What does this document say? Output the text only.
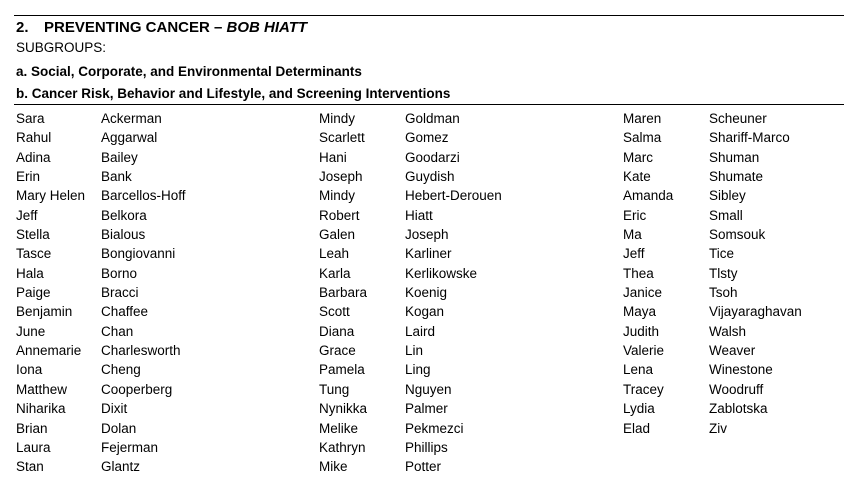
2. PREVENTING CANCER – BOB HIATT
SUBGROUPS:
a. Social, Corporate, and Environmental Determinants
b. Cancer Risk, Behavior and Lifestyle, and Screening Interventions
Sara	Ackerman
Rahul	Aggarwal
Adina	Bailey
Erin	Bank
Mary Helen	Barcellos-Hoff
Jeff	Belkora
Stella	Bialous
Tasce	Bongiovanni
Hala	Borno
Paige	Bracci
Benjamin	Chaffee
June	Chan
Annemarie	Charlesworth
Iona	Cheng
Matthew	Cooperberg
Niharika	Dixit
Brian	Dolan
Laura	Fejerman
Stan	Glantz
Mindy	Goldman
Scarlett	Gomez
Hani	Goodarzi
Joseph	Guydish
Mindy	Hebert-Derouen
Robert	Hiatt
Galen	Joseph
Leah	Karliner
Karla	Kerlikowske
Barbara	Koenig
Scott	Kogan
Diana	Laird
Grace	Lin
Pamela	Ling
Tung	Nguyen
Nynikka	Palmer
Melike	Pekmezci
Kathryn	Phillips
Mike	Potter
Maren	Scheuner
Salma	Shariff-Marco
Marc	Shuman
Kate	Shumate
Amanda	Sibley
Eric	Small
Ma	Somsouk
Jeff	Tice
Thea	Tlsty
Janice	Tsoh
Maya	Vijayaraghavan
Judith	Walsh
Valerie	Weaver
Lena	Winestone
Tracey	Woodruff
Lydia	Zablotska
Elad	Ziv
